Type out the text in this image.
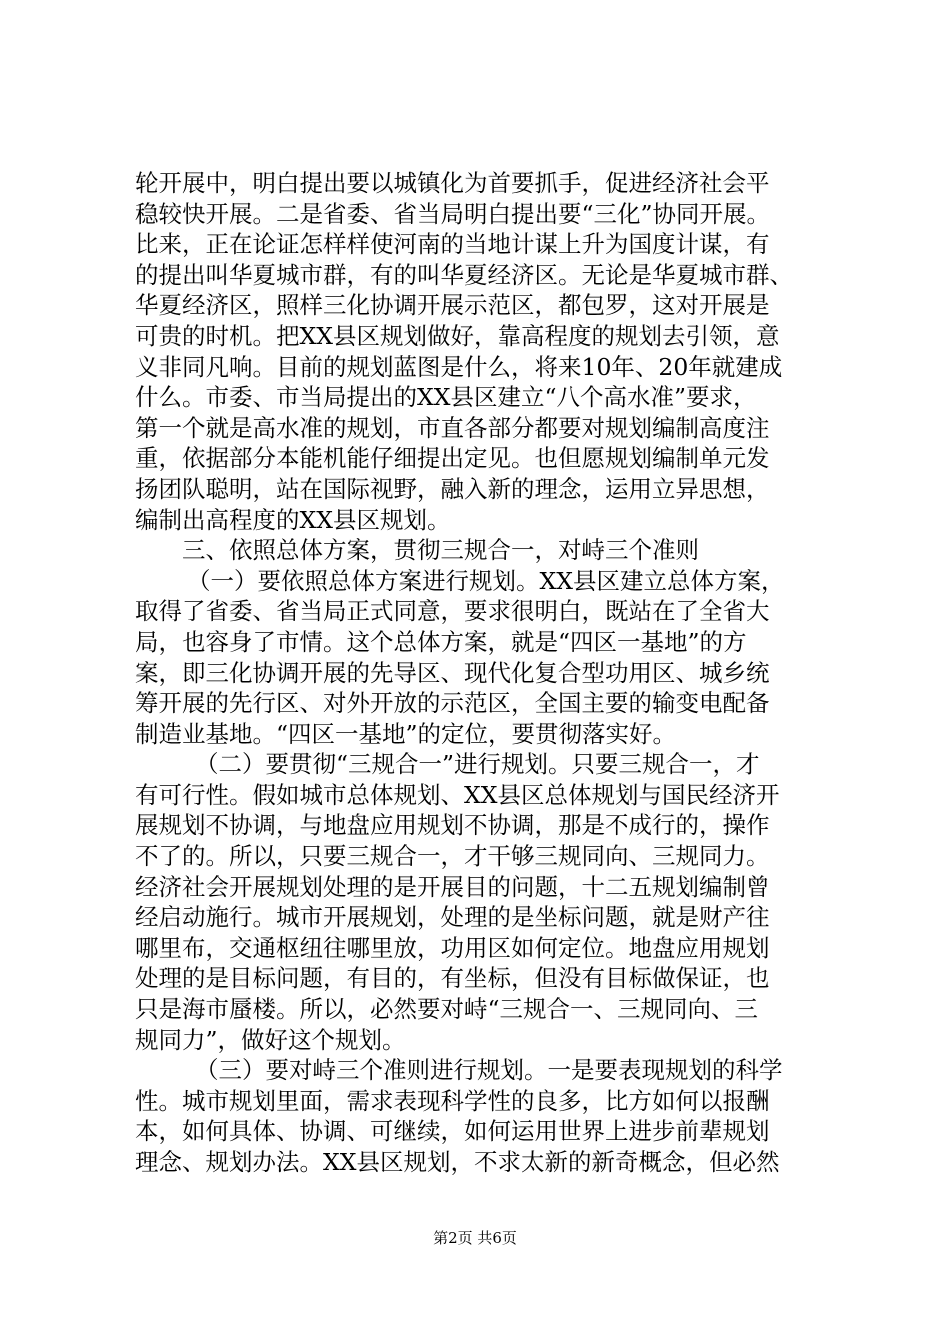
轮开展中，明白提出要以城镇化为首要抓手，促进经济社会平
稳较快开展。二是省委、省当局明白提出要“三化”协同开展。
比来，正在论证怎样样使河南的当地计谋上升为国度计谋，有
的提出叫华夏城市群，有的叫华夏经济区。无论是华夏城市群、
华夏经济区，照样三化协调开展示范区，都包罗，这对开展是
可贵的时机。把XX县区规划做好，靠高程度的规划去引领，意
义非同凡响。目前的规划蓝图是什么，将来10年、20年就建成
什么。市委、市当局提出的XX县区建立“八个高水准”要求，
第一个就是高水准的规划，市直各部分都要对规划编制高度注
重，依据部分本能机能仔细提出定见。也但愿规划编制单元发
扬团队聪明，站在国际视野，融入新的理念，运用立异思想，
编制出高程度的XX县区规划。
三、依照总体方案，贯彻三规合一，对峙三个准则
（一）要依照总体方案进行规划。XX县区建立总体方案，
取得了省委、省当局正式同意，要求很明白，既站在了全省大
局，也容身了市情。这个总体方案，就是“四区一基地”的方
案，即三化协调开展的先导区、现代化复合型功用区、城乡统
筹开展的先行区、对外开放的示范区，全国主要的输变电配备
制造业基地。“四区一基地”的定位，要贯彻落实好。
（二）要贯彻“三规合一”进行规划。只要三规合一，才
有可行性。假如城市总体规划、XX县区总体规划与国民经济开
展规划不协调，与地盘应用规划不协调，那是不成行的，操作
不了的。所以，只要三规合一，才干够三规同向、三规同力。
经济社会开展规划处理的是开展目的问题，十二五规划编制曾
经启动施行。城市开展规划，处理的是坐标问题，就是财产往
哪里布，交通枢纽往哪里放，功用区如何定位。地盘应用规划
处理的是目标问题，有目的，有坐标，但没有目标做保证，也
只是海市蜃楼。所以，必然要对峙“三规合一、三规同向、三
规同力”，做好这个规划。
（三）要对峙三个准则进行规划。一是要表现规划的科学
性。城市规划里面，需求表现科学性的良多，比方如何以报酬
本，如何具体、协调、可继续，如何运用世界上进步前辈规划
理念、规划办法。XX县区规划，不求太新的新奇概念，但必然
第2页 共6页
